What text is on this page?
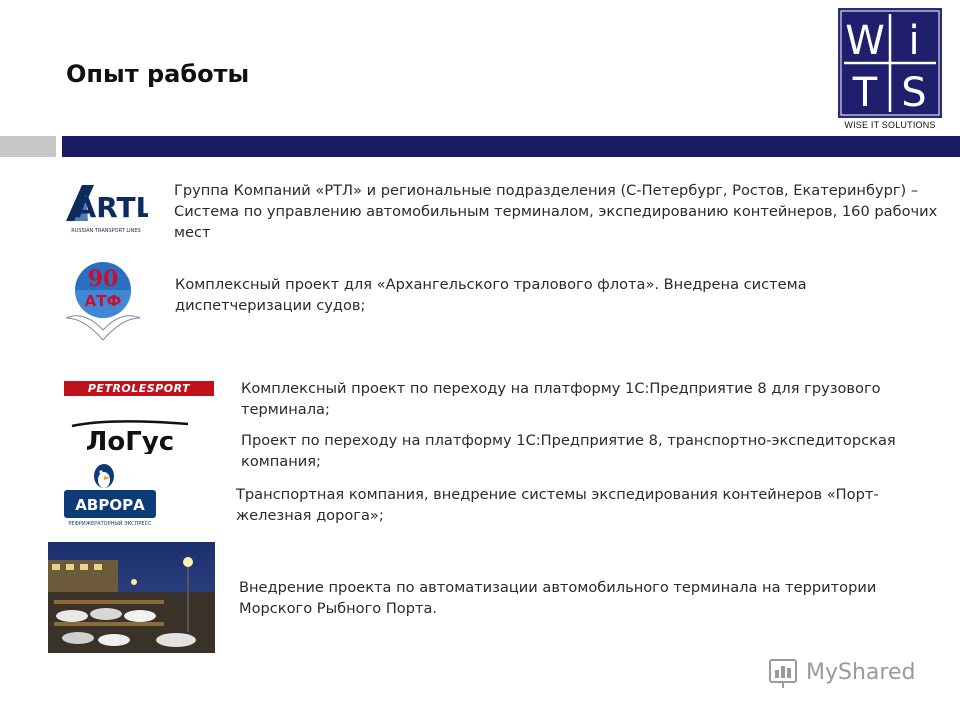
Опыт работы
W i
T S
WISE IT SOLUTIONS
ARTL
RUSSIAN TRANSPORT LINES

Группа Компаний «РТЛ» и региональные подразделения (С-Петербург, Ростов, Екатеринбург) – Система по управлению автомобильным терминалом, экспедированию контейнеров, 160 рабочих мест

90
АТФ

Комплексный проект для «Архангельского тралового флота». Внедрена система диспетчеризации судов;

PETROLESPORT	Комплексный проект по переходу на платформу 1С:Предприятие 8 для грузового терминала;

ЛоГус	Проект по переходу на платформу 1С:Предприятие 8, транспортно-экспедиторская компания;

АВРОРА
РЕФРИЖЕРАТОРНЫЙ ЭКСПРЕСС

Транспортная компания, внедрение системы экспедирования контейнеров «Порт-железная дорога»;

Внедрение проекта по автоматизации автомобильного терминала на территории Морского Рыбного Порта.

MyShared
